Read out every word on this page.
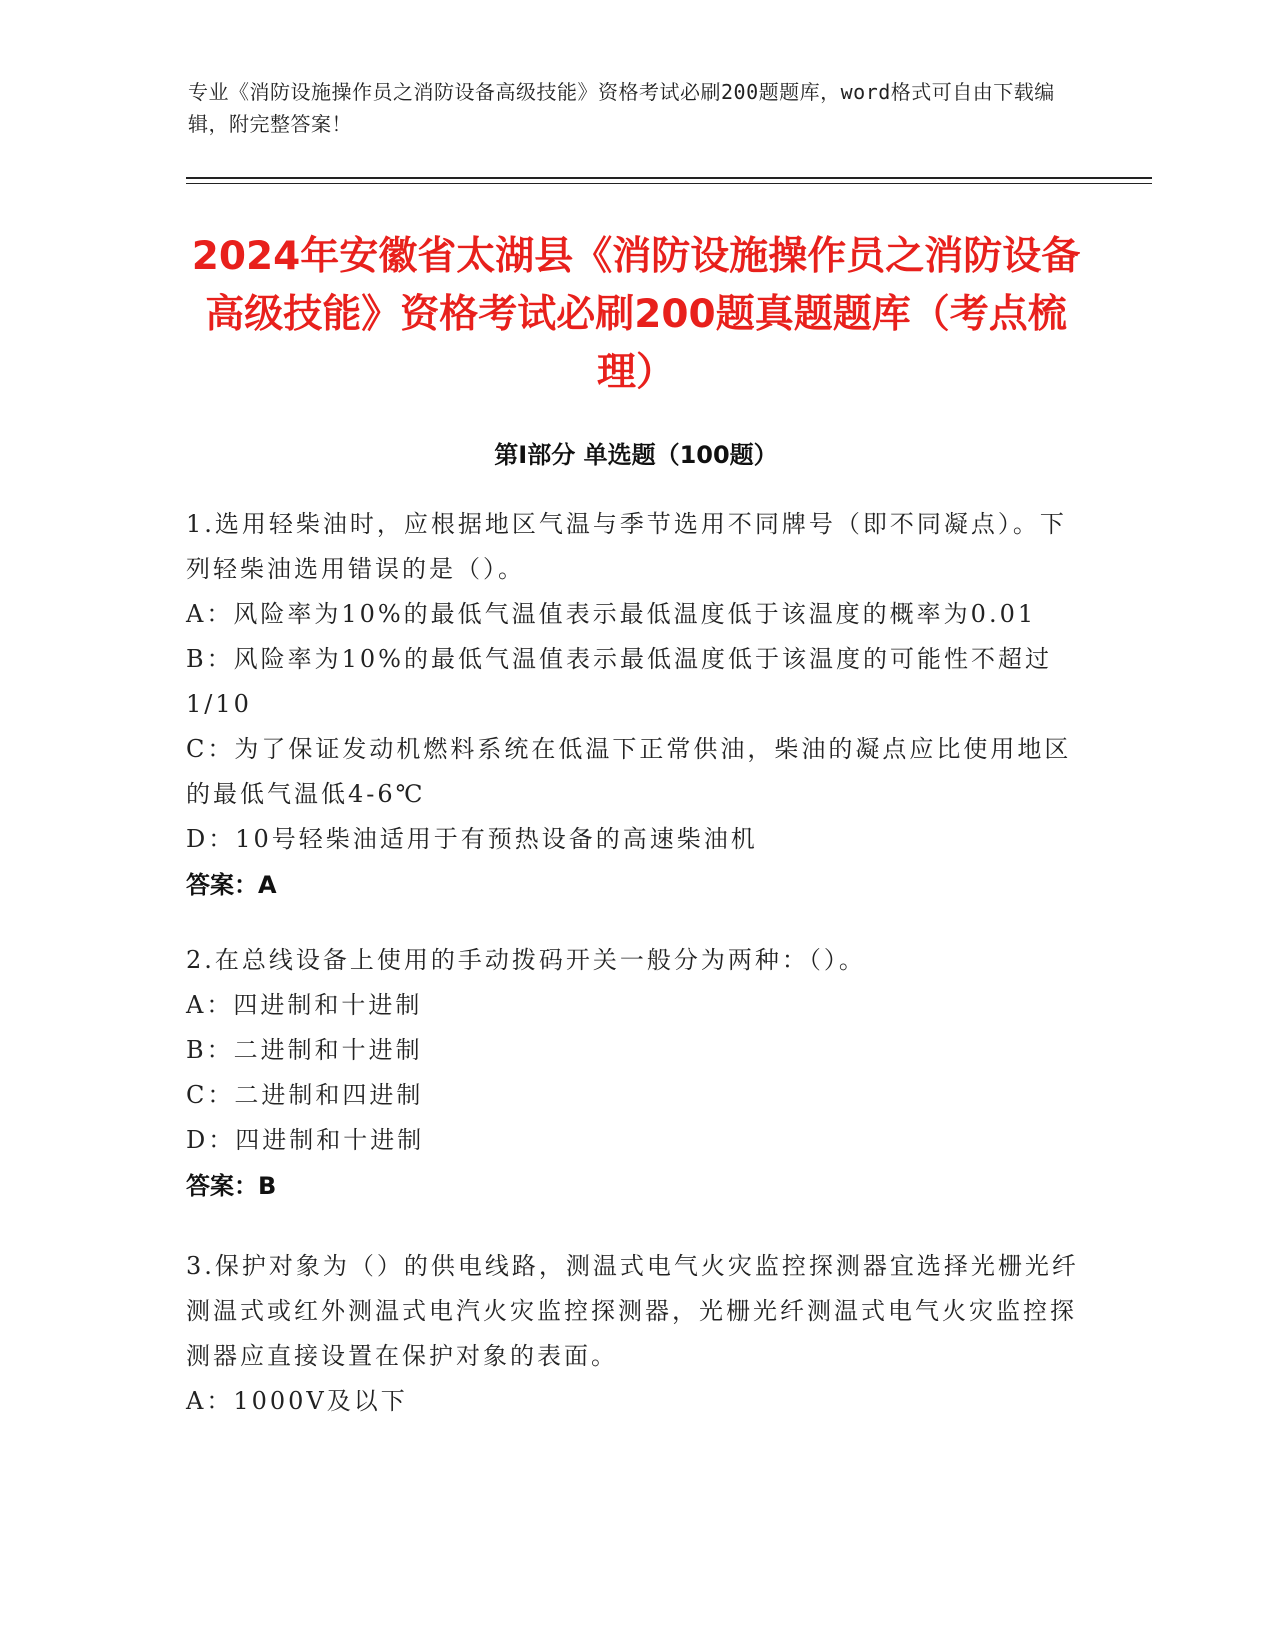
专业《消防设施操作员之消防设备高级技能》资格考试必刷200题题库，word格式可自由下载编辑，附完整答案！
2024年安徽省太湖县《消防设施操作员之消防设备高级技能》资格考试必刷200题真题题库（考点梳理）
第I部分 单选题（100题）

1.选用轻柴油时，应根据地区气温与季节选用不同牌号（即不同凝点）。下列轻柴油选用错误的是（）。

A：风险率为10%的最低气温值表示最低温度低于该温度的概率为0.01

B：风险率为10%的最低气温值表示最低温度低于该温度的可能性不超过1/10

C：为了保证发动机燃料系统在低温下正常供油，柴油的凝点应比使用地区的最低气温低4-6℃

D：10号轻柴油适用于有预热设备的高速柴油机

答案：A

2.在总线设备上使用的手动拨码开关一般分为两种：（）。

A：四进制和十进制

B：二进制和十进制

C：二进制和四进制

D：四进制和十进制

答案：B

3.保护对象为（）的供电线路，测温式电气火灾监控探测器宜选择光栅光纤测温式或红外测温式电汽火灾监控探测器，光栅光纤测温式电气火灾监控探测器应直接设置在保护对象的表面。

A：1000V及以下
